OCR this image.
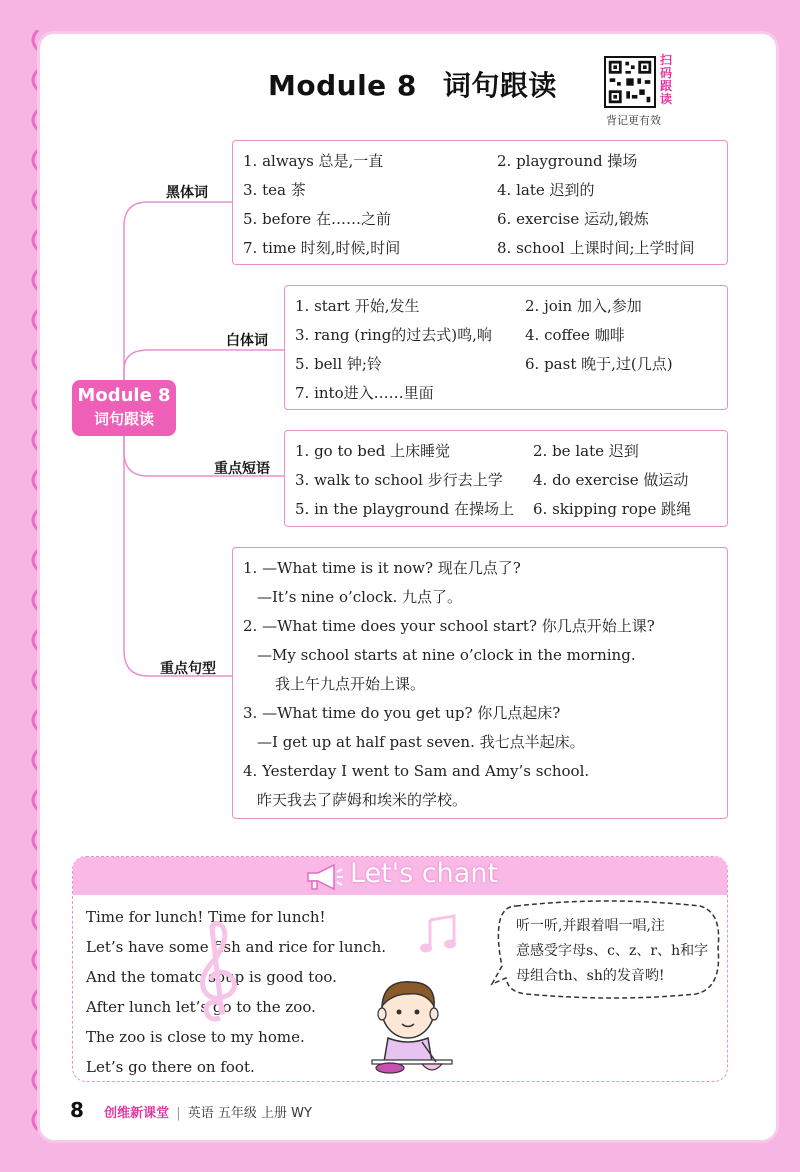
Module 8 词句跟读
扫码跟读
背记更有效
Module 8
词句跟读
黑体词
1. always 总是,一直	2. playground 操场
3. tea 茶	4. late 迟到的
5. before 在……之前	6. exercise 运动,锻炼
7. time 时刻,时候,时间	8. school 上课时间;上学时间
白体词
1. start 开始,发生	2. join 加入,参加
3. rang (ring的过去式)鸣,响	4. coffee 咖啡
5. bell 钟;铃	6. past 晚于,过(几点)
7. into进入……里面
重点短语
1. go to bed 上床睡觉	2. be late 迟到
3. walk to school 步行去上学	4. do exercise 做运动
5. in the playground 在操场上	6. skipping rope 跳绳
重点句型
1. —What time is it now? 现在几点了?
—It’s nine o’clock. 九点了。
2. —What time does your school start? 你几点开始上课?
—My school starts at nine o’clock in the morning.
我上午九点开始上课。
3. —What time do you get up? 你几点起床?
—I get up at half past seven. 我七点半起床。
4. Yesterday I went to Sam and Amy’s school.
昨天我去了萨姆和埃米的学校。
Let's chant
Time for lunch! Time for lunch!
Let’s have some fish and rice for lunch.
And the tomato soup is good too.
After lunch let’s go to the zoo.
The zoo is close to my home.
Let’s go there on foot.
听一听,并跟着唱一唱,注
意感受字母s、c、z、r、h和字
母组合th、sh的发音哟!
8 创维新课堂 | 英语 五年级 上册 WY
